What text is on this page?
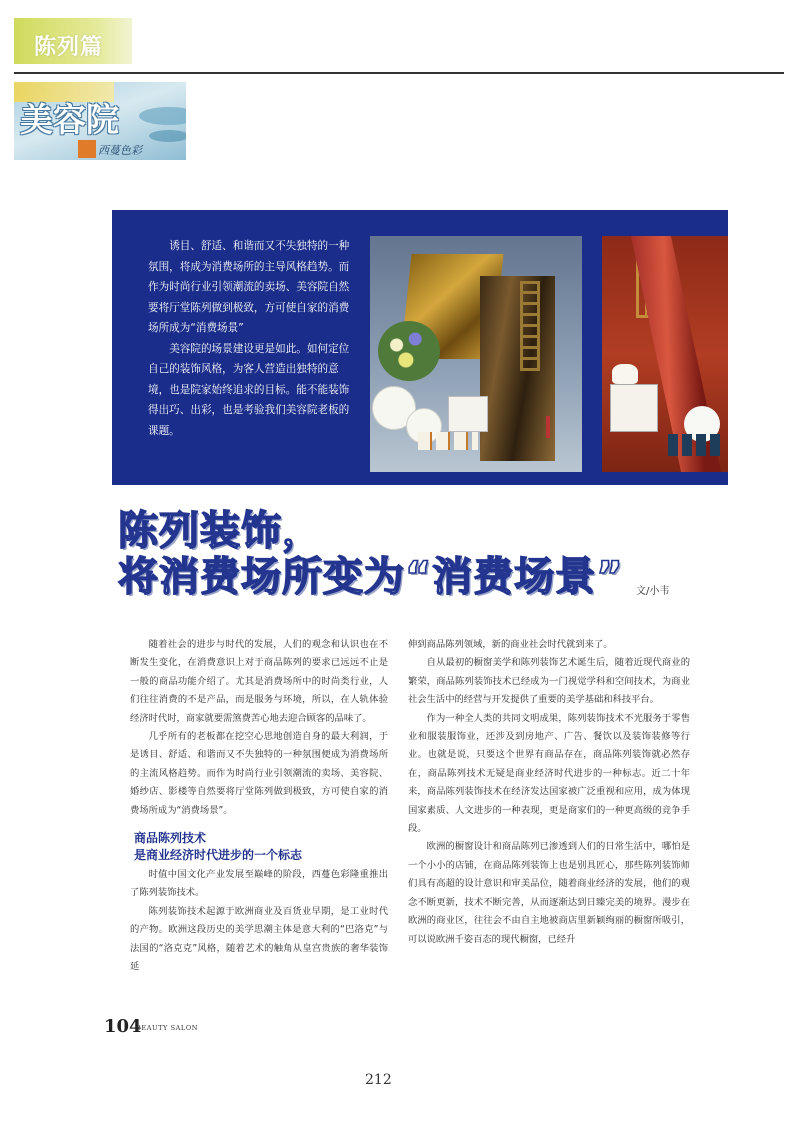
陈列篇
美容院
西蔓色彩

诱目、舒适、和谐而又不失独特的一种氛围，将成为消费场所的主导风格趋势。而作为时尚行业引领潮流的卖场、美容院自然要将厅堂陈列做到极致，方可使自家的消费场所成为“消费场景”

美容院的场景建设更是如此。如何定位自己的装饰风格，为客人营造出独特的意境，也是院家始终追求的目标。能不能装饰得出巧、出彩，也是考验我们美容院老板的课题。

陈列装饰，
将消费场所变为“消费场景” 文/小韦

随着社会的进步与时代的发展，人们的观念和认识也在不断发生变化，在消费意识上对于商品陈列的要求已远远不止是一般的商品功能介绍了。尤其是消费场所中的时尚类行业，人们往往消费的不是产品，而是服务与环境，所以，在人轨体验经济时代时，商家就要需煞费苦心地去迎合顾客的品味了。

几乎所有的老板都在挖空心思地创造自身的最大利润，于是诱目、舒适、和谐而又不失独特的一种氛围便成为消费场所的主流风格趋势。而作为时尚行业引领潮流的卖场、美容院、婚纱店、影楼等自然要将厅堂陈列做到极致，方可使自家的消费场所成为“消费场景”。

商品陈列技术
是商业经济时代进步的一个标志

时值中国文化产业发展至巅峰的阶段，西蔓色彩隆重推出了陈列装饰技术。

陈列装饰技术起源于欧洲商业及百货业早期，是工业时代的产物。欧洲这段历史的美学思潮主体是意大利的“巴洛克”与法国的“洛克克”风格，随着艺术的触角从皇宫贵族的奢华装饰延

伸到商品陈列领域，新的商业社会时代就到来了。

自从最初的橱窗美学和陈列装饰艺术诞生后，随着近现代商业的繁荣，商品陈列装饰技术已经成为一门视觉学科和空间技术，为商业社会生活中的经营与开发提供了重要的美学基础和科技平台。

作为一种全人类的共同文明成果，陈列装饰技术不光服务于零售业和服装服饰业，还涉及到房地产、广告、餐饮以及装饰装修等行业。也就是说，只要这个世界有商品存在，商品陈列装饰就必然存在，商品陈列技术无疑是商业经济时代进步的一种标志。近二十年来，商品陈列装饰技术在经济发达国家被广泛重视和应用，成为体现国家素质、人文进步的一种表现，更是商家们的一种更高级的竞争手段。

欧洲的橱窗设计和商品陈列已渗透到人们的日常生活中，哪怕是一个小小的店铺，在商品陈列装饰上也是别具匠心，那些陈列装饰师们具有高超的设计意识和审美品位，随着商业经济的发展，他们的观念不断更新，技术不断完善，从而逐渐达到日臻完美的境界。漫步在欧洲的商业区，往往会不由自主地被商店里新颖绚丽的橱窗所吸引，可以说欧洲千姿百态的现代橱窗，已经升

104
BEAUTY SALON
212
